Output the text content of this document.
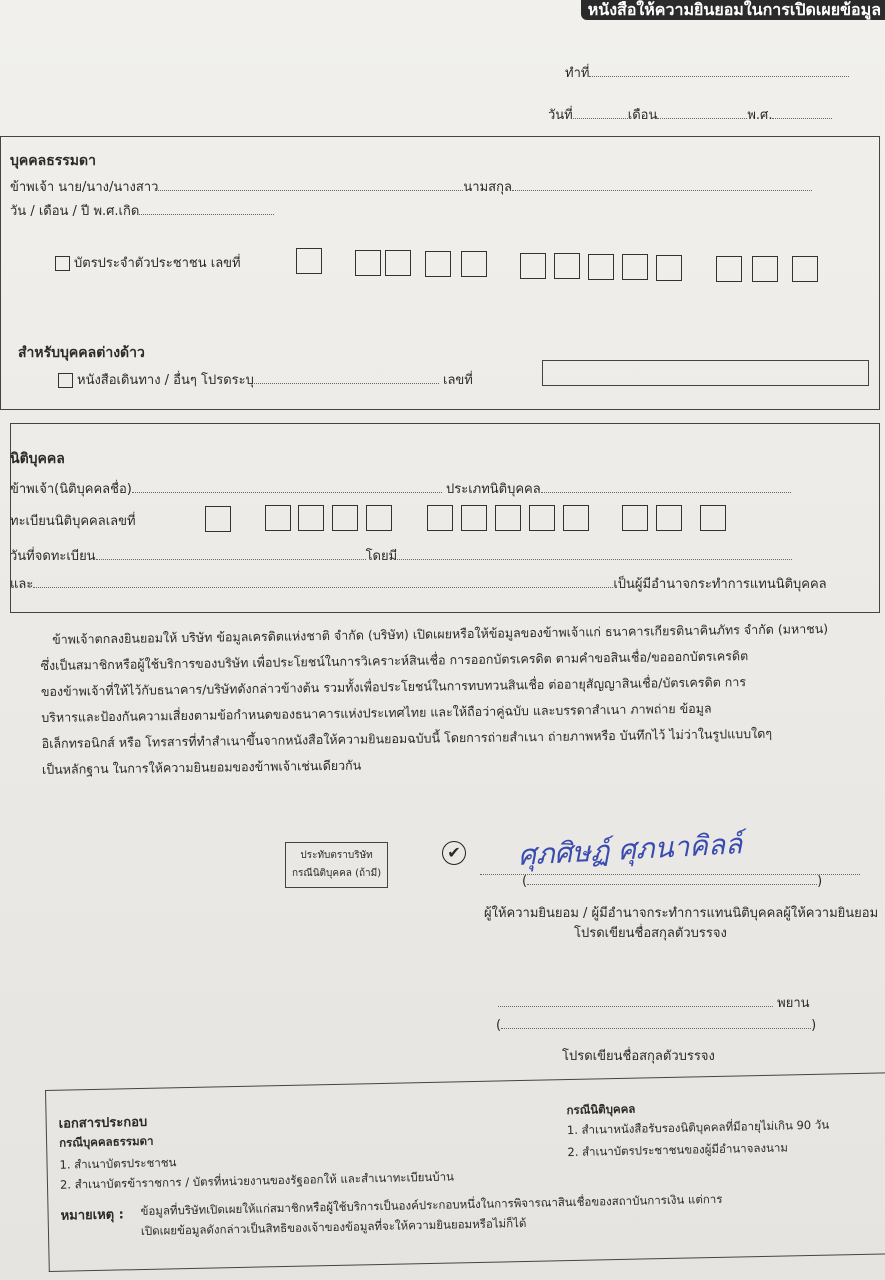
หนังสือให้ความยินยอมในการเปิดเผยข้อมูล
ทำที่
วันที่	เดือน	พ.ศ.
บุคคลธรรมดา
ข้าพเจ้า นาย/นาง/นางสาว	นามสกุล
วัน / เดือน / ปี พ.ศ.เกิด
บัตรประจำตัวประชาชน เลขที่
สำหรับบุคคลต่างด้าว
หนังสือเดินทาง / อื่นๆ โปรดระบุ	เลขที่
นิติบุคคล
ข้าพเจ้า(นิติบุคคลชื่อ)	ประเภทนิติบุคคล
ทะเบียนนิติบุคคลเลขที่
วันที่จดทะเบียน	โดยมี
และ	เป็นผู้มีอำนาจกระทำการแทนนิติบุคคล
ข้าพเจ้าตกลงยินยอมให้ บริษัท ข้อมูลเครดิตแห่งชาติ จำกัด (บริษัท) เปิดเผยหรือให้ข้อมูลของข้าพเจ้าแก่ ธนาคารเกียรตินาคินภัทร จำกัด (มหาชน)
ซึ่งเป็นสมาชิกหรือผู้ใช้บริการของบริษัท เพื่อประโยชน์ในการวิเคราะห์สินเชื่อ การออกบัตรเครดิต ตามคำขอสินเชื่อ/ขอออกบัตรเครดิต
ของข้าพเจ้าที่ให้ไว้กับธนาคาร/บริษัทดังกล่าวข้างต้น รวมทั้งเพื่อประโยชน์ในการทบทวนสินเชื่อ ต่ออายุสัญญาสินเชื่อ/บัตรเครดิต การ
บริหารและป้องกันความเสี่ยงตามข้อกำหนดของธนาคารแห่งประเทศไทย และให้ถือว่าคู่ฉบับ และบรรดาสำเนา ภาพถ่าย ข้อมูล
อิเล็กทรอนิกส์ หรือ โทรสารที่ทำสำเนาขึ้นจากหนังสือให้ความยินยอมฉบับนี้ โดยการถ่ายสำเนา ถ่ายภาพหรือ บันทึกไว้ ไม่ว่าในรูปแบบใดๆ
เป็นหลักฐาน ในการให้ความยินยอมของข้าพเจ้าเช่นเดียวกัน
ประทับตราบริษัท
กรณีนิติบุคคล (ถ้ามี)
✔ ศุภศิษฏ์ ศุภนาคิลล์
(	)
ผู้ให้ความยินยอม / ผู้มีอำนาจกระทำการแทนนิติบุคคลผู้ให้ความยินยอม
โปรดเขียนชื่อสกุลตัวบรรจง
พยาน
(	)
โปรดเขียนชื่อสกุลตัวบรรจง
เอกสารประกอบ
กรณีบุคคลธรรมดา
1. สำเนาบัตรประชาชน
2. สำเนาบัตรข้าราชการ / บัตรที่หน่วยงานของรัฐออกให้ และสำเนาทะเบียนบ้าน
กรณีนิติบุคคล
1. สำเนาหนังสือรับรองนิติบุคคลที่มีอายุไม่เกิน 90 วัน
2. สำเนาบัตรประชาชนของผู้มีอำนาจลงนาม
หมายเหตุ : ข้อมูลที่บริษัทเปิดเผยให้แก่สมาชิกหรือผู้ใช้บริการเป็นองค์ประกอบหนึ่งในการพิจารณาสินเชื่อของสถาบันการเงิน แต่การ
เปิดเผยข้อมูลดังกล่าวเป็นสิทธิของเจ้าของข้อมูลที่จะให้ความยินยอมหรือไม่ก็ได้
